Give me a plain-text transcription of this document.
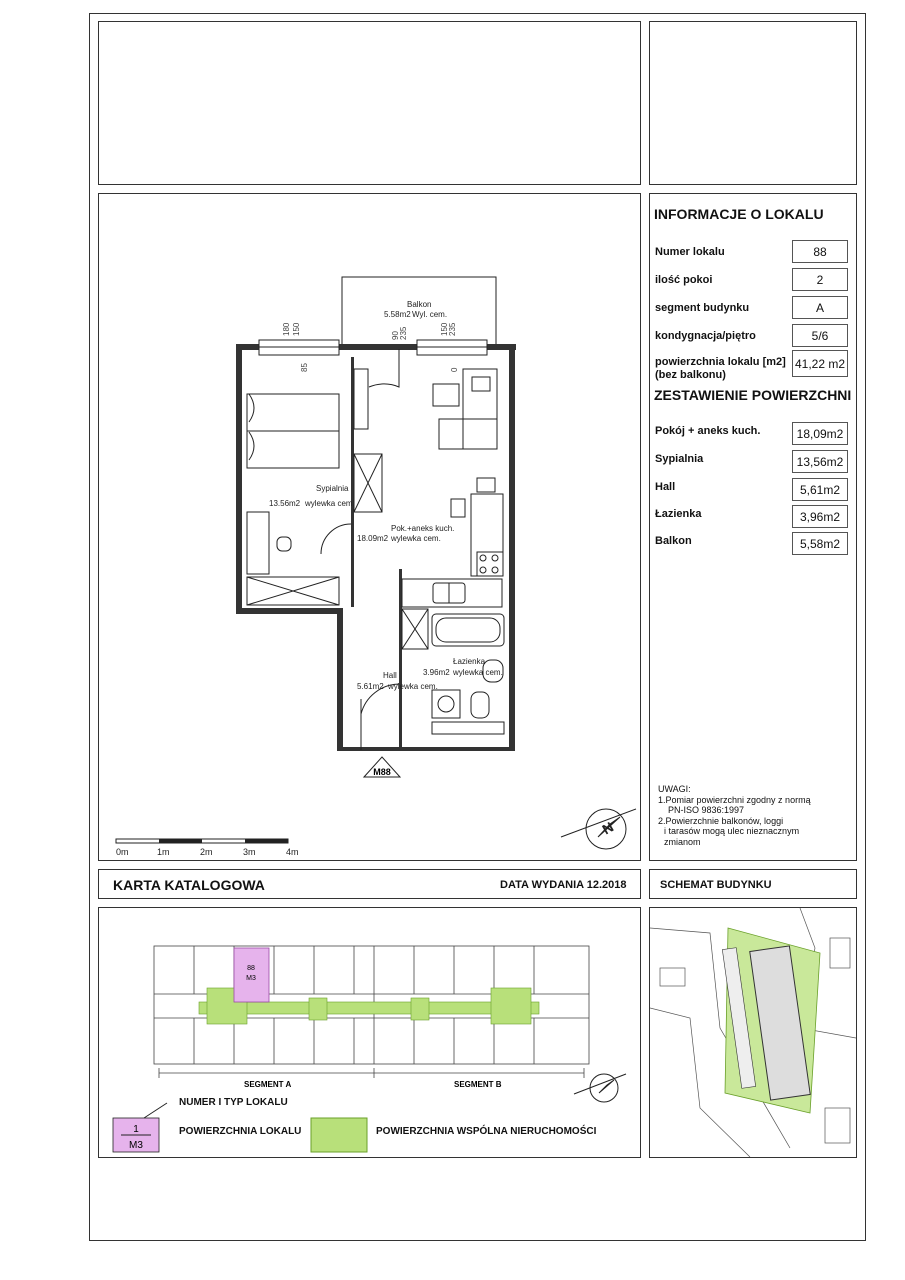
180 150
85
90 235	150 235
0
Balkon
5.58m2 Wyl. cem.
Sypialnia
13.56m2 wylewka cem.
Pok.+aneks kuch.
18.09m2 wylewka cem.
Łazienka
3.96m2 wylewka cem.
Hall
5.61m2 wylewka cem.
M88
0m	1m	2m	3m	4m
N
INFORMACJE O LOKALU
Numer lokalu	88
ilość pokoi	2
segment budynku	A
kondygnacja/piętro	5/6
powierzchnia lokalu [m2]
(bez balkonu)
41,22 m2
ZESTAWIENIE POWIERZCHNI
Pokój + aneks kuch.	18,09m2
Sypialnia	13,56m2
Hall	5,61m2
Łazienka	3,96m2
Balkon	5,58m2
UWAGI:
1.Pomiar powierzchni zgodny z normą
PN-ISO 9836:1997
2.Powierzchnie balkonów, loggi
i tarasów mogą ulec nieznacznym
zmianom
KARTA KATALOGOWA	DATA WYDANIA 12.2018	SCHEMAT BUDYNKU
88
M3
SEGMENT A	SEGMENT B
1
M3
NUMER I TYP LOKALU
POWIERZCHNIA LOKALU	POWIERZCHNIA WSPÓLNA NIERUCHOMOŚCI
